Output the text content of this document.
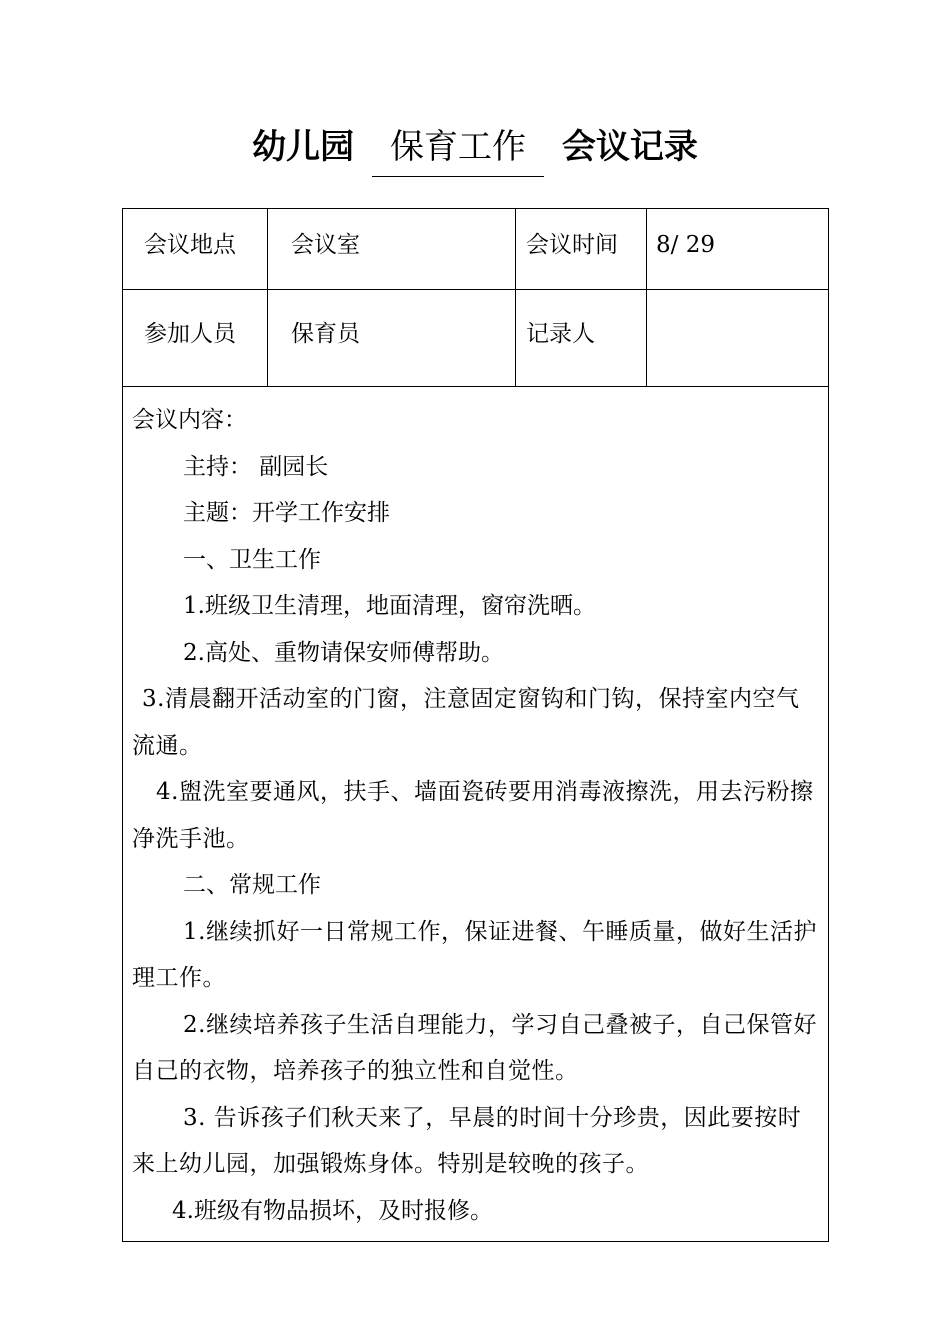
幼儿园 保育工作 会议记录
会议地点 会议室	会议时间 8/ 29
参加人员 保育员	记录人

会议内容：

主持： 副园长

主题：开学工作安排

一、卫生工作

1.班级卫生清理，地面清理，窗帘洗晒。

2.高处、重物请保安师傅帮助。

3.清晨翻开活动室的门窗，注意固定窗钩和门钩，保持室内空气流通。

4.盥洗室要通风，扶手、墙面瓷砖要用消毒液擦洗，用去污粉擦净洗手池。

二、常规工作

1.继续抓好一日常规工作，保证进餐、午睡质量，做好生活护理工作。

2.继续培养孩子生活自理能力，学习自己叠被子，自己保管好自己的衣物，培养孩子的独立性和自觉性。

3. 告诉孩子们秋天来了，早晨的时间十分珍贵，因此要按时来上幼儿园，加强锻炼身体。特别是较晚的孩子。

4.班级有物品损坏，及时报修。
